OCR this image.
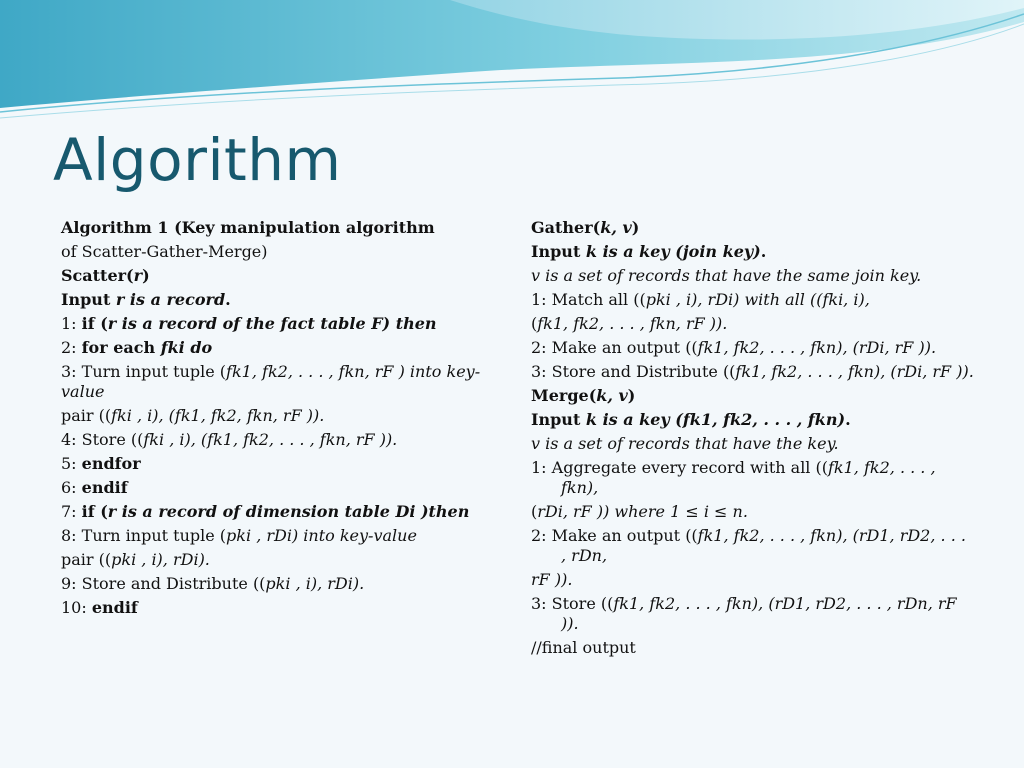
Algorithm

Algorithm 1 (Key manipulation algorithm

of Scatter-Gather-Merge)

Scatter(r)

Input r is a record.

1: if (r is a record of the fact table F) then

2: for each fki do

3: Turn input tuple (fk1, fk2, . . . , fkn, rF ) into key-value

pair ((fki , i), (fk1, fk2, fkn, rF )).

4: Store ((fki , i), (fk1, fk2, . . . , fkn, rF )).

5: endfor

6: endif

7: if (r is a record of dimension table Di )then

8: Turn input tuple (pki , rDi) into key-value

pair ((pki , i), rDi).

9: Store and Distribute ((pki , i), rDi).

10: endif

Gather(k, v)

Input k is a key (join key).

v is a set of records that have the same join key.

1: Match all ((pki , i), rDi) with all ((fki, i),

(fk1, fk2, . . . , fkn, rF )).

2: Make an output ((fk1, fk2, . . . , fkn), (rDi, rF )).

3: Store and Distribute ((fk1, fk2, . . . , fkn), (rDi, rF )).

Merge(k, v)

Input k is a key (fk1, fk2, . . . , fkn).

v is a set of records that have the key.

1: Aggregate every record with all ((fk1, fk2, . . . , fkn),

(rDi, rF )) where 1 ≤ i ≤ n.

2: Make an output ((fk1, fk2, . . . , fkn), (rD1, rD2, . . . , rDn,

rF )).

3: Store ((fk1, fk2, . . . , fkn), (rD1, rD2, . . . , rDn, rF )).

//final output
